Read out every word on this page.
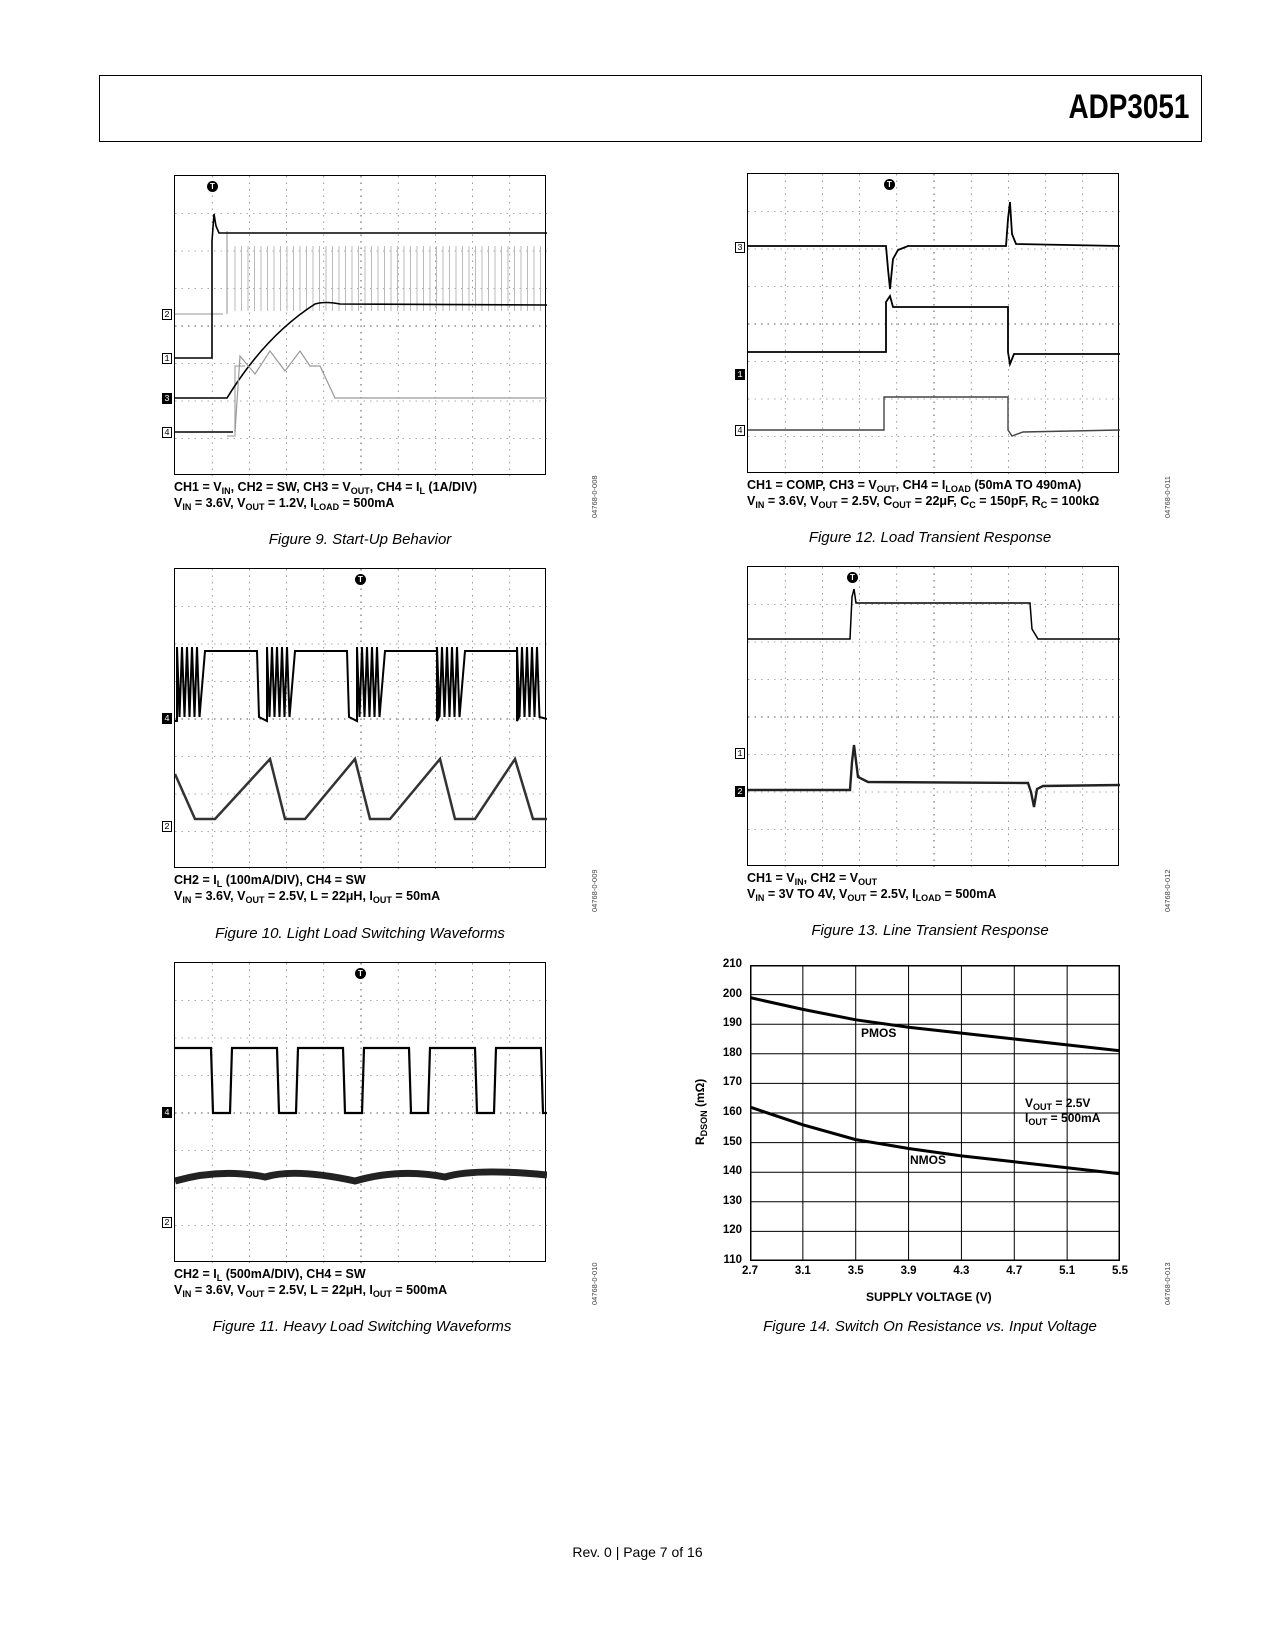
ADP3051
2
1
3
4
T
$CH1 = V_{IN}$, CH2 = SW, $CH3 = V_{OUT}$, $CH4 = I_L$ (1A/DIV)
$V_{IN} = 3.6V$, $V_{OUT} = 1.2V$, $I_{LOAD} = 500mA$	04768-0-008
Figure 9. Start-Up Behavior
4
2
T
$CH2 = I_L$ (100mA/DIV), CH4 = SW
$V_{IN} = 3.6V$, $V_{OUT} = 2.5V$, L = 22μH, $I_{OUT} = 50mA$	04768-0-009
Figure 10. Light Load Switching Waveforms
4
2
T
$CH2 = I_L$ (500mA/DIV), CH4 = SW
$V_{IN} = 3.6V$, $V_{OUT} = 2.5V$, L = 22μH, $I_{OUT} = 500mA$	04768-0-010
Figure 11. Heavy Load Switching Waveforms
3
1
4
T
CH1 = COMP, $CH3 = V_{OUT}$, $CH4 = I_{LOAD}$ (50mA TO 490mA)
$V_{IN} = 3.6V$, $V_{OUT} = 2.5V$, $C_{OUT} = 22\mu F$, $C_C = 150pF$, $R_C = 100k\Omega$	04768-0-011
Figure 12. Load Transient Response
1
2
T
$CH1 = V_{IN}$, $CH2 = V_{OUT}$
$V_{IN} = 3V$ TO 4V, $V_{OUT} = 2.5V$, $I_{LOAD} = 500mA$	04768-0-012
Figure 13. Line Transient Response
210
200
190
180
170
160
150
140
130
120
110
2.7	3.1	3.5	3.9	4.3	4.7	5.1	5.5
$R_{DSON}$ (mΩ)
SUPPLY VOLTAGE (V)
PMOS
NMOS
$V_{OUT} = 2.5V$
$I_{OUT} = 500mA$
04768-0-013
Figure 14. Switch On Resistance vs. Input Voltage
Rev. 0 | Page 7 of 16
